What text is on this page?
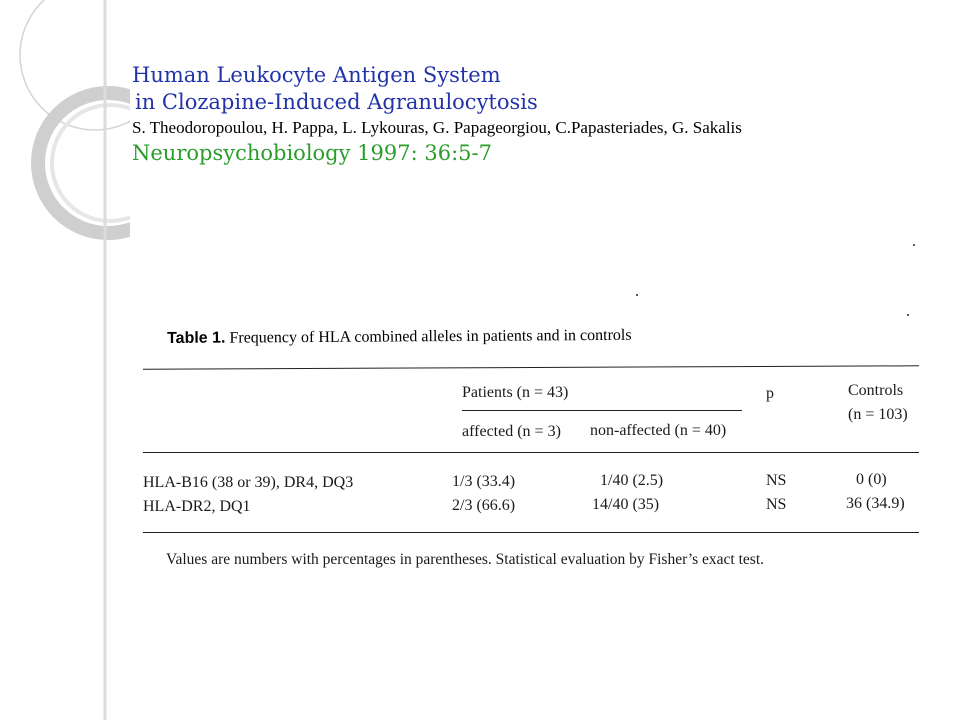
Human Leukocyte Antigen System
in Clozapine-Induced Agranulocytosis
S. Theodoropoulou, H. Pappa, L. Lykouras, G. Papageorgiou, C.Papasteriades, G. Sakalis
Neuropsychobiology 1997: 36:5-7
Table 1. Frequency of HLA combined alleles in patients and in controls
Patients (n = 43)	p	Controls
(n = 103)
affected (n = 3) non-affected (n = 40)
HLA-B16 (38 or 39), DR4, DQ3	1/3 (33.4)	1/40 (2.5)	NS	0 (0)
HLA-DR2, DQ1	2/3 (66.6)	14/40 (35)	NS	36 (34.9)
Values are numbers with percentages in parentheses. Statistical evaluation by Fisher’s exact test.
